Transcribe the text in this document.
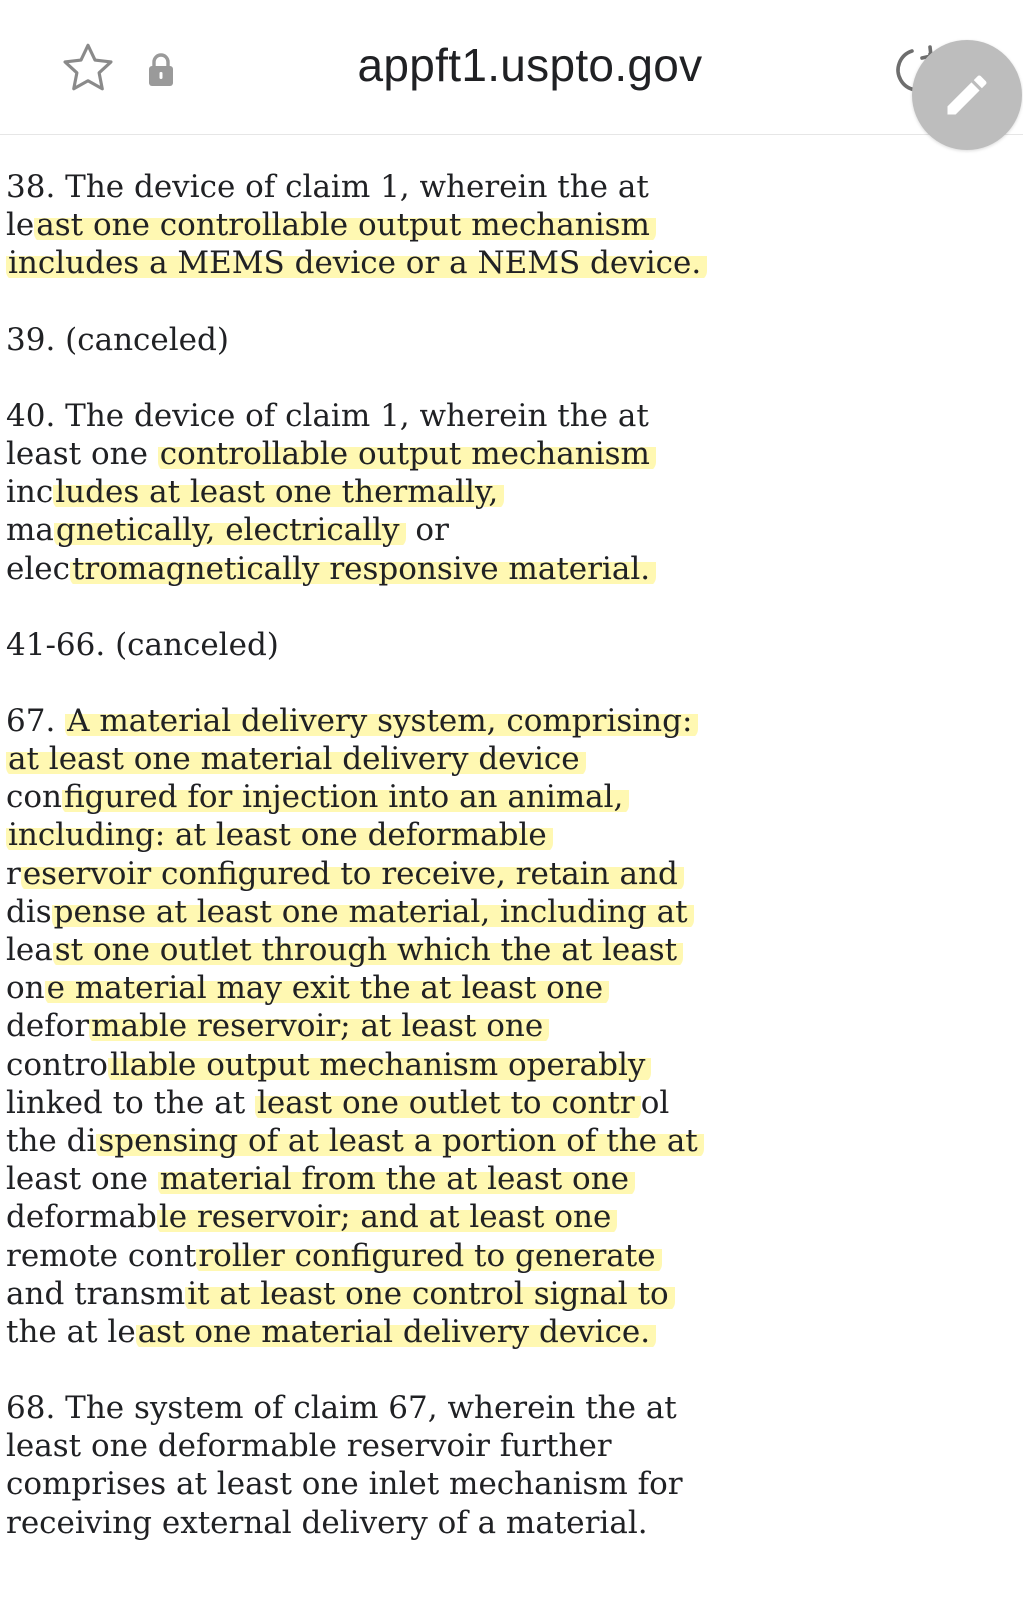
appft1.uspto.gov
38. The device of claim 1, wherein the at
least one controllable output mechanism
includes a MEMS device or a NEMS device.
39. (canceled)
40. The device of claim 1, wherein the at
least one controllable output mechanism
includes at least one thermally,
magnetically, electrically or
electromagnetically responsive material.
41-66. (canceled)
67. A material delivery system, comprising:
at least one material delivery device
configured for injection into an animal,
including: at least one deformable
reservoir configured to receive, retain and
dispense at least one material, including at
least one outlet through which the at least
one material may exit the at least one
deformable reservoir; at least one
controllable output mechanism operably
linked to the at least one outlet to contr ol
the dispensing of at least a portion of the at
least one material from the at least one
deformable reservoir; and at least one
remote controller configured to generate
and transmit at least one control signal to
the at least one material delivery device.
68. The system of claim 67, wherein the at
least one deformable reservoir further
comprises at least one inlet mechanism for
receiving external delivery of a material.
